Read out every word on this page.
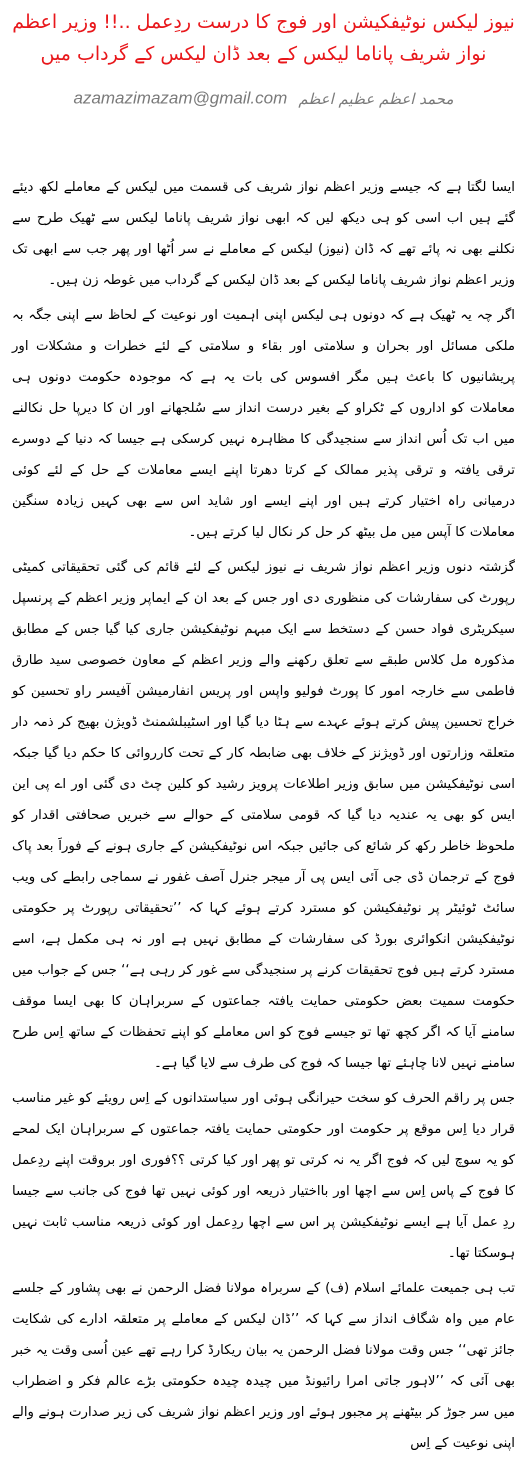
نیوز لیکس نوٹیفکیشن اور فوج کا درست ردِعمل ..!! وزیر اعظم نواز شریف پاناما لیکس کے بعد ڈان لیکس کے گرداب میں
azamazimazam@gmail.com محمد اعظم عظیم اعظم

ایسا لگتا ہے کہ جیسے وزیر اعظم نواز شریف کی قسمت میں لیکس کے معاملے لکھ دیئے گئے ہیں اب اسی کو ہی دیکھ لیں کہ ابھی نواز شریف پاناما لیکس سے ٹھیک طرح سے نکلنے بھی نہ پائے تھے کہ ڈان (نیوز) لیکس کے معاملے نے سر اُٹھا اور پھر جب سے ابھی تک وزیر اعظم نواز شریف پاناما لیکس کے بعد ڈان لیکس کے گرداب میں غوطہ زن ہیں۔

اگر چہ یہ ٹھیک ہے کہ دونوں ہی لیکس اپنی اہمیت اور نوعیت کے لحاظ سے اپنی جگہ بہ ملکی مسائل اور بحران و سلامتی اور بقاء و سلامتی کے لئے خطرات و مشکلات اور پریشانیوں کا باعث ہیں مگر افسوس کی بات یہ ہے کہ موجودہ حکومت دونوں ہی معاملات کو اداروں کے ٹکراو کے بغیر درست انداز سے سُلجھانے اور ان کا دیرپا حل نکالنے میں اب تک اُس انداز سے سنجیدگی کا مظاہرہ نہیں کرسکی ہے جیسا کہ دنیا کے دوسرے ترقی یافتہ و ترقی پذیر ممالک کے کرتا دھرتا اپنے ایسے معاملات کے حل کے لئے کوئی درمیانی راہ اختیار کرتے ہیں اور اپنے ایسے اور شاید اس سے بھی کہیں زیادہ سنگین معاملات کا آپس میں مل بیٹھ کر حل کر نکال لیا کرتے ہیں۔

گزشتہ دنوں وزیر اعظم نواز شریف نے نیوز لیکس کے لئے قائم کی گئی تحقیقاتی کمیٹی رپورٹ کی سفارشات کی منظوری دی اور جس کے بعد ان کے ایماپر وزیر اعظم کے پرنسپل سیکریٹری فواد حسن کے دستخط سے ایک مبہم نوٹیفکیشن جاری کیا گیا جس کے مطابق مذکورہ مل کلاس طبقے سے تعلق رکھنے والے وزیر اعظم کے معاون خصوصی سید طارق فاطمی سے خارجہ امور کا پورٹ فولیو واپس اور پریس انفارمیشن آفیسر راو تحسین کو خراج تحسین پیش کرتے ہوئے عہدے سے ہٹا دیا گیا اور اسٹیبلشمنٹ ڈویژن بھیج کر ذمہ دار متعلقہ وزارتوں اور ڈویژنز کے خلاف بھی ضابطہ کار کے تحت کارروائی کا حکم دیا گیا جبکہ اسی نوٹیفکیشن میں سابق وزیر اطلاعات پرویز رشید کو کلین چٹ دی گئی اور اے پی این ایس کو بھی یہ عندیہ دیا گیا کہ قومی سلامتی کے حوالے سے خبریں صحافتی اقدار کو ملحوظ خاطر رکھ کر شائع کی جائیں جبکہ اس نوٹیفکیشن کے جاری ہونے کے فوراََ بعد پاک فوج کے ترجمان ڈی جی آئی ایس پی آر میجر جنرل آصف غفور نے سماجی رابطے کی ویب سائٹ ٹوئیٹر پر نوٹیفکیشن کو مسترد کرتے ہوئے کہا کہ ’’تحقیقاتی رپورٹ پر حکومتی نوٹیفکیشن انکوائری بورڈ کی سفارشات کے مطابق نہیں ہے اور نہ ہی مکمل ہے، اسے مسترد کرتے ہیں فوج تحقیقات کرنے پر سنجیدگی سے غور کر رہی ہے‘‘ جس کے جواب میں حکومت سمیت بعض حکومتی حمایت یافتہ جماعتوں کے سربراہان کا بھی ایسا موقف سامنے آیا کہ اگر کچھ تھا تو جیسے فوج کو اس معاملے کو اپنے تحفظات کے ساتھ اِس طرح سامنے نہیں لانا چاہئے تھا جیسا کہ فوج کی طرف سے لایا گیا ہے۔

جس پر راقم الحرف کو سخت حیرانگی ہوئی اور سیاستدانوں کے اِس رویئے کو غیر مناسب قرار دیا اِس موقع پر حکومت اور حکومتی حمایت یافتہ جماعتوں کے سربراہان ایک لمحے کو یہ سوچ لیں کہ فوج اگر یہ نہ کرتی تو پھر اور کیا کرتی ؟؟فوری اور بروقت اپنے ردِعمل کا فوج کے پاس اِس سے اچھا اور بااختیار ذریعہ اور کوئی نہیں تھا فوج کی جانب سے جیسا ردِ عمل آیا ہے ایسے نوٹیفکیشن پر اس سے اچھا ردِعمل اور کوئی ذریعہ مناسب ثابت نہیں ہوسکتا تھا۔

تب ہی جمیعت علمائے اسلام (ف) کے سربراہ مولانا فضل الرحمن نے بھی پشاور کے جلسے عام میں واہ شگاف انداز سے کہا کہ ’’ڈان لیکس کے معاملے پر متعلقہ ادارے کی شکایت جائز تھی‘‘ جس وقت مولانا فضل الرحمن یہ بیان ریکارڈ کرا رہے تھے عین اُسی وقت یہ خبر بھی آئی کہ ’’لاہور جاتی امرا رائیونڈ میں چیدہ چیدہ حکومتی بڑے عالم فکر و اضطراب میں سر جوڑ کر بیٹھنے پر مجبور ہوئے اور وزیر اعظم نواز شریف کی زیر صدارت ہونے والے اپنی نوعیت کے اِس
